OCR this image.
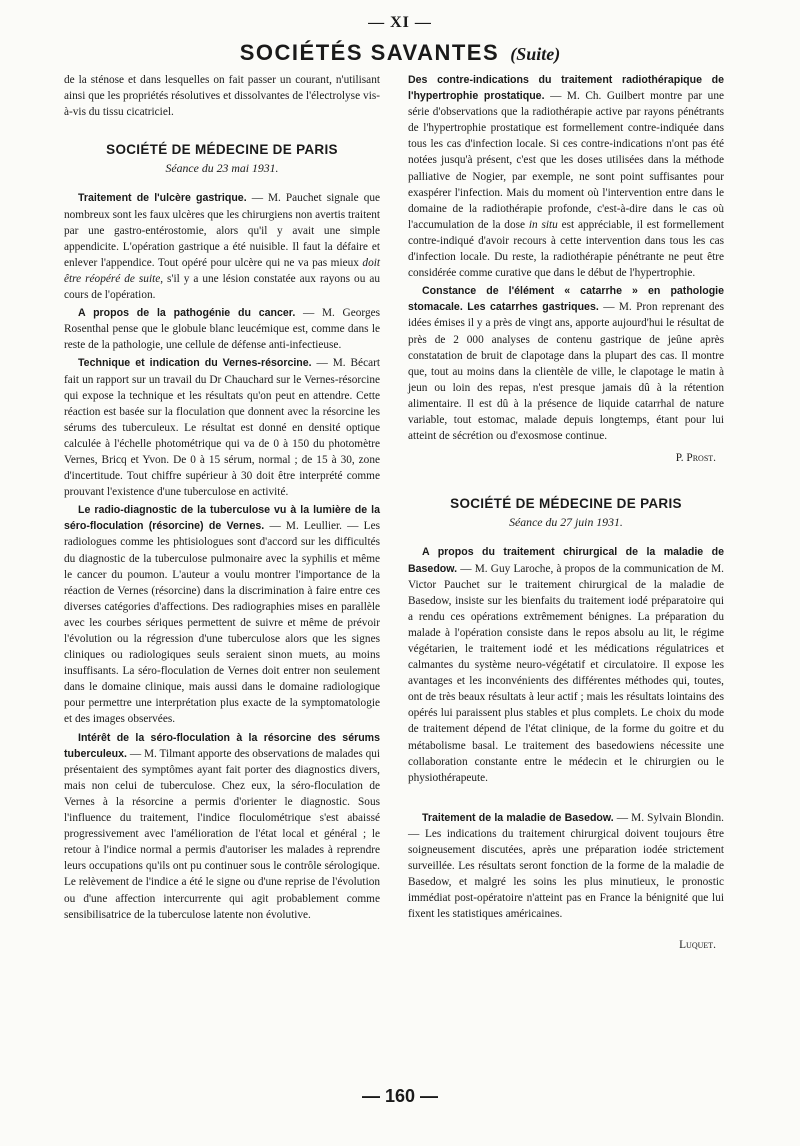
— XI —
SOCIÉTÉS SAVANTES (Suite)

de la sténose et dans lesquelles on fait passer un courant, n'utilisant ainsi que les propriétés résolutives et dissolvantes de l'électrolyse vis-à-vis du tissu cicatriciel.

SOCIÉTÉ DE MÉDECINE DE PARIS
Séance du 23 mai 1931.

Traitement de l'ulcère gastrique. — M. Pauchet signale que nombreux sont les faux ulcères que les chirurgiens non avertis traitent par une gastro-entérostomie, alors qu'il y avait une simple appendicite. L'opération gastrique a été nuisible. Il faut la défaire et enlever l'appendice. Tout opéré pour ulcère qui ne va pas mieux doit être réopéré de suite, s'il y a une lésion constatée aux rayons ou au cours de l'opération.

A propos de la pathogénie du cancer. — M. Georges Rosenthal pense que le globule blanc leucémique est, comme dans le reste de la pathologie, une cellule de défense anti-infectieuse.

Technique et indication du Vernes-résorcine. — M. Bécart fait un rapport sur un travail du Dr Chauchard sur le Vernes-résorcine qui expose la technique et les résultats qu'on peut en attendre. Cette réaction est basée sur la floculation que donnent avec la résorcine les sérums des tuberculeux. Le résultat est donné en densité optique calculée à l'échelle photométrique qui va de 0 à 150 du photomètre Vernes, Bricq et Yvon. De 0 à 15 sérum, normal ; de 15 à 30, zone d'incertitude. Tout chiffre supérieur à 30 doit être interprété comme prouvant l'existence d'une tuberculose en activité.

Le radio-diagnostic de la tuberculose vu à la lumière de la séro-floculation (résorcine) de Vernes. — M. Leullier. — Les radiologues comme les phtisiologues sont d'accord sur les difficultés du diagnostic de la tuberculose pulmonaire avec la syphilis et même le cancer du poumon. L'auteur a voulu montrer l'importance de la réaction de Vernes (résorcine) dans la discrimination à faire entre ces diverses catégories d'affections. Des radiographies mises en parallèle avec les courbes sériques permettent de suivre et même de prévoir l'évolution ou la régression d'une tuberculose alors que les signes cliniques ou radiologiques seuls seraient sinon muets, au moins insuffisants. La séro-floculation de Vernes doit entrer non seulement dans le domaine clinique, mais aussi dans le domaine radiologique pour permettre une interprétation plus exacte de la symptomatologie et des images observées.

Intérêt de la séro-floculation à la résorcine des sérums tuberculeux. — M. Tilmant apporte des observations de malades qui présentaient des symptômes ayant fait porter des diagnostics divers, mais non celui de tuberculose. Chez eux, la séro-floculation de Vernes à la résorcine a permis d'orienter le diagnostic. Sous l'influence du traitement, l'indice floculométrique s'est abaissé progressivement avec l'amélioration de l'état local et général ; le retour à l'indice normal a permis d'autoriser les malades à reprendre leurs occupations qu'ils ont pu continuer sous le contrôle sérologique. Le relèvement de l'indice a été le signe ou d'une reprise de l'évolution ou d'une affection intercurrente qui agit probablement comme sensibilisatrice de la tuberculose latente non évolutive.

Des contre-indications du traitement radiothérapique de l'hypertrophie prostatique. — M. Ch. Guilbert montre par une série d'observations que la radiothérapie active par rayons pénétrants de l'hypertrophie prostatique est formellement contre-indiquée dans tous les cas d'infection locale. Si ces contre-indications n'ont pas été notées jusqu'à présent, c'est que les doses utilisées dans la méthode palliative de Nogier, par exemple, ne sont point suffisantes pour exaspérer l'infection. Mais du moment où l'intervention entre dans le domaine de la radiothérapie profonde, c'est-à-dire dans le cas où l'accumulation de la dose in situ est appréciable, il est formellement contre-indiqué d'avoir recours à cette intervention dans tous les cas d'infection locale. Du reste, la radiothérapie pénétrante ne peut être considérée comme curative que dans le début de l'hypertrophie.

Constance de l'élément « catarrhe » en pathologie stomacale. Les catarrhes gastriques. — M. Pron reprenant des idées émises il y a près de vingt ans, apporte aujourd'hui le résultat de près de 2 000 analyses de contenu gastrique de jeûne après constatation de bruit de clapotage dans la plupart des cas. Il montre que, tout au moins dans la clientèle de ville, le clapotage le matin à jeun ou loin des repas, n'est presque jamais dû à la rétention alimentaire. Il est dû à la présence de liquide catarrhal de nature variable, tout estomac, malade depuis longtemps, étant pour lui atteint de sécrétion ou d'exosmose continue.

P. Prost.
SOCIÉTÉ DE MÉDECINE DE PARIS
Séance du 27 juin 1931.

A propos du traitement chirurgical de la maladie de Basedow. — M. Guy Laroche, à propos de la communication de M. Victor Pauchet sur le traitement chirurgical de la maladie de Basedow, insiste sur les bienfaits du traitement iodé préparatoire qui a rendu ces opérations extrêmement bénignes. La préparation du malade à l'opération consiste dans le repos absolu au lit, le régime végétarien, le traitement iodé et les médications régulatrices et calmantes du système neuro-végétatif et circulatoire. Il expose les avantages et les inconvénients des différentes méthodes qui, toutes, ont de très beaux résultats à leur actif ; mais les résultats lointains des opérés lui paraissent plus stables et plus complets. Le choix du mode de traitement dépend de l'état clinique, de la forme du goitre et du métabolisme basal. Le traitement des basedowiens nécessite une collaboration constante entre le médecin et le chirurgien ou le physiothérapeute.

Traitement de la maladie de Basedow. — M. Sylvain Blondin. — Les indications du traitement chirurgical doivent toujours être soigneusement discutées, après une préparation iodée strictement surveillée. Les résultats seront fonction de la forme de la maladie de Basedow, et malgré les soins les plus minutieux, le pronostic immédiat post-opératoire n'atteint pas en France la bénignité que lui fixent les statistiques américaines.

Luquet.
— 160 —
